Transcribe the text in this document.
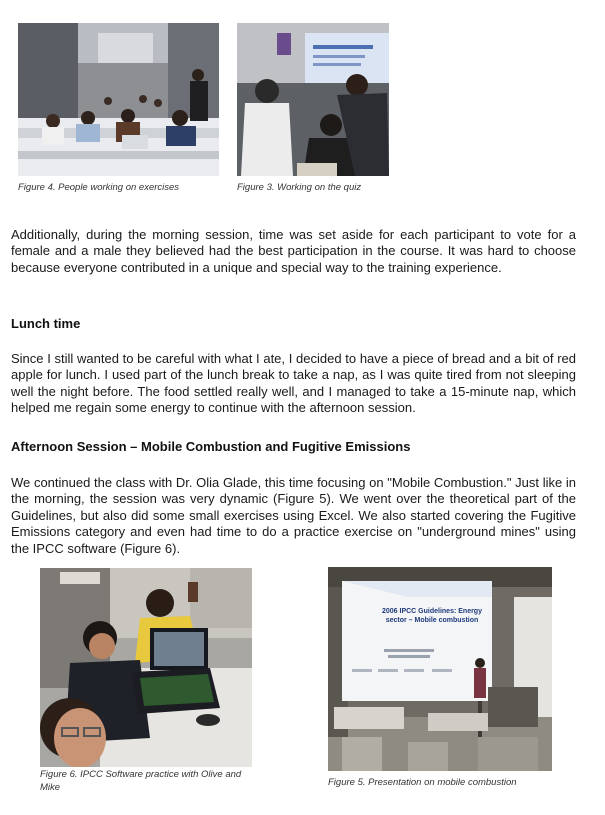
Figure 4. People working on exercises	Figure 3. Working on the quiz
Additionally, during the morning session, time was set aside for each participant to vote for a female and a male they believed had the best participation in the course. It was hard to choose because everyone contributed in a unique and special way to the training experience.
Lunch time
Since I still wanted to be careful with what I ate, I decided to have a piece of bread and a bit of red apple for lunch. I used part of the lunch break to take a nap, as I was quite tired from not sleeping well the night before. The food settled really well, and I managed to take a 15-minute nap, which helped me regain some energy to continue with the afternoon session.
Afternoon Session – Mobile Combustion and Fugitive Emissions
We continued the class with Dr. Olia Glade, this time focusing on "Mobile Combustion." Just like in the morning, the session was very dynamic (Figure 5). We went over the theoretical part of the Guidelines, but also did some small exercises using Excel. We also started covering the Fugitive Emissions category and even had time to do a practice exercise on "underground mines" using the IPCC software (Figure 6).
Figure 6. IPCC Software practice with Olive and Mike
2006 IPCC Guidelines: Energy sector – Mobile combustion
Figure 5. Presentation on mobile combustion
